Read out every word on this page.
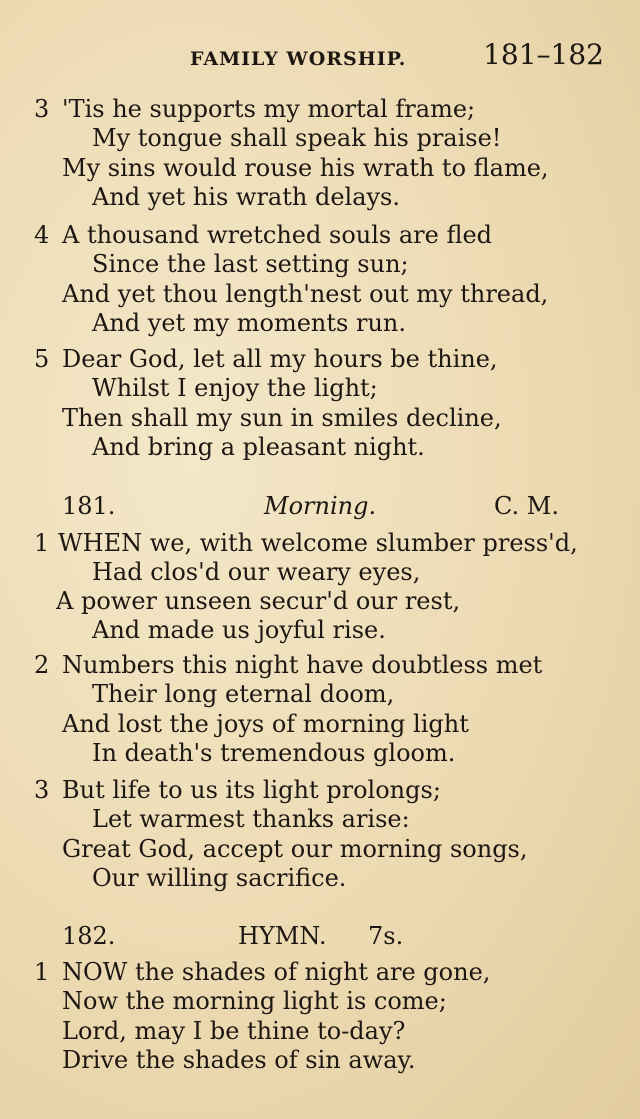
FAMILY WORSHIP.	181–182
3 'Tis he supports my mortal frame;
My tongue shall speak his praise!
My sins would rouse his wrath to flame,
And yet his wrath delays.
4 A thousand wretched souls are fled
Since the last setting sun;
And yet thou length'nest out my thread,
And yet my moments run.
5 Dear God, let all my hours be thine,
Whilst I enjoy the light;
Then shall my sun in smiles decline,
And bring a pleasant night.
181.	Morning.	C. M.
1 WHEN we, with welcome slumber press'd,
Had clos'd our weary eyes,
A power unseen secur'd our rest,
And made us joyful rise.
2 Numbers this night have doubtless met
Their long eternal doom,
And lost the joys of morning light
In death's tremendous gloom.
3 But life to us its light prolongs;
Let warmest thanks arise:
Great God, accept our morning songs,
Our willing sacrifice.
182.	HYMN. 7s.
1 NOW the shades of night are gone,
Now the morning light is come;
Lord, may I be thine to-day?
Drive the shades of sin away.
